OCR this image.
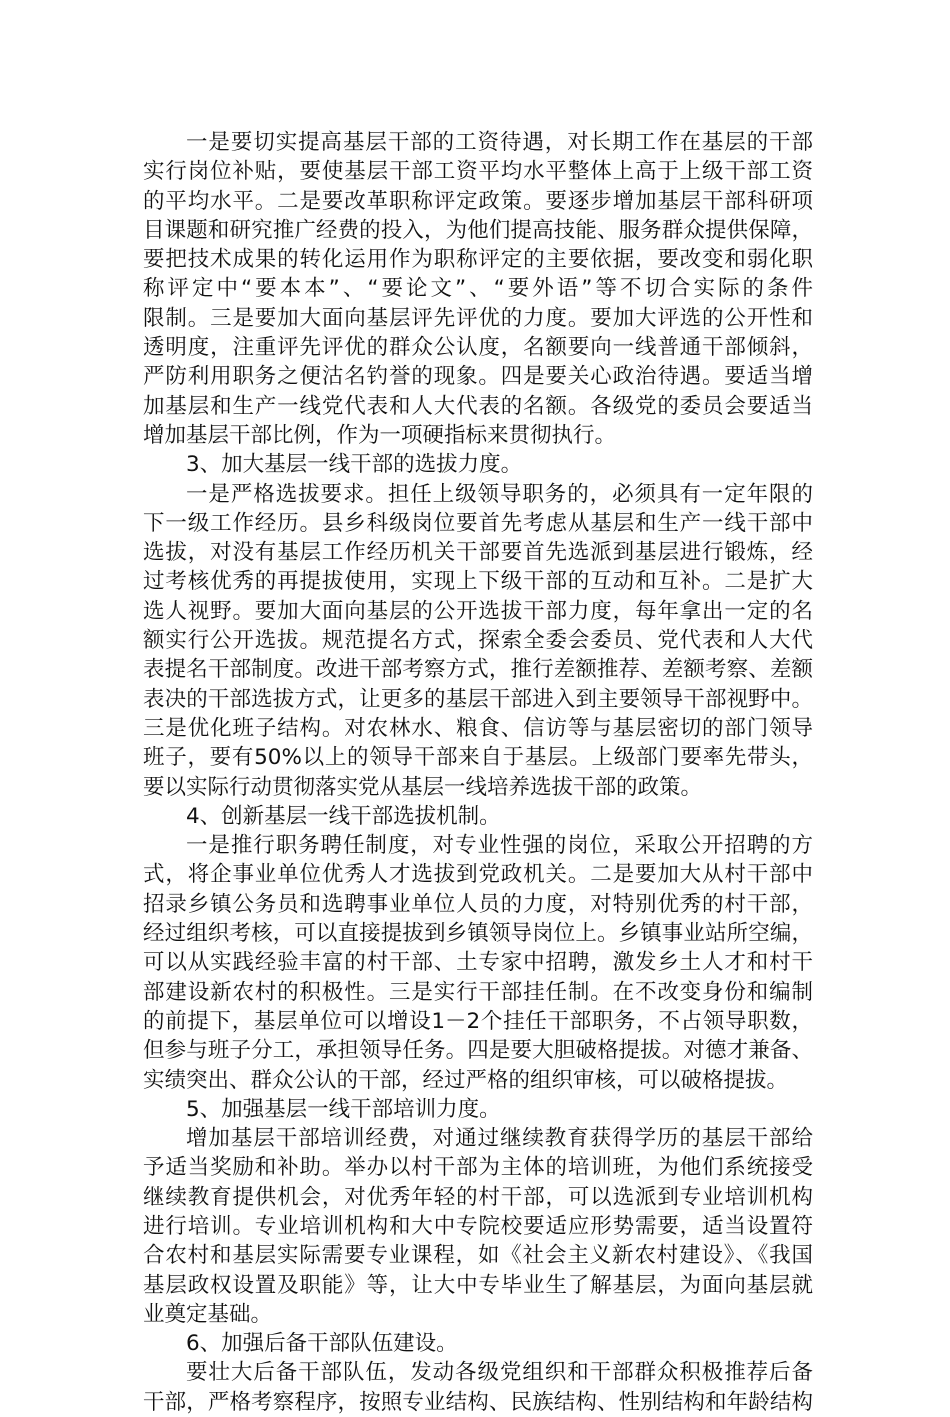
一是要切实提高基层干部的工资待遇，对长期工作在基层的干部
实行岗位补贴，要使基层干部工资平均水平整体上高于上级干部工资
的平均水平。二是要改革职称评定政策。要逐步增加基层干部科研项
目课题和研究推广经费的投入，为他们提高技能、服务群众提供保障，
要把技术成果的转化运用作为职称评定的主要依据，要改变和弱化职
称评定中“要本本”、“要论文”、“要外语”等不切合实际的条件
限制。三是要加大面向基层评先评优的力度。要加大评选的公开性和
透明度，注重评先评优的群众公认度，名额要向一线普通干部倾斜，
严防利用职务之便沽名钓誉的现象。四是要关心政治待遇。要适当增
加基层和生产一线党代表和人大代表的名额。各级党的委员会要适当
增加基层干部比例，作为一项硬指标来贯彻执行。
3、加大基层一线干部的选拔力度。
一是严格选拔要求。担任上级领导职务的，必须具有一定年限的
下一级工作经历。县乡科级岗位要首先考虑从基层和生产一线干部中
选拔，对没有基层工作经历机关干部要首先选派到基层进行锻炼，经
过考核优秀的再提拔使用，实现上下级干部的互动和互补。二是扩大
选人视野。要加大面向基层的公开选拔干部力度，每年拿出一定的名
额实行公开选拔。规范提名方式，探索全委会委员、党代表和人大代
表提名干部制度。改进干部考察方式，推行差额推荐、差额考察、差额
表决的干部选拔方式，让更多的基层干部进入到主要领导干部视野中。
三是优化班子结构。对农林水、粮食、信访等与基层密切的部门领导
班子，要有50%以上的领导干部来自于基层。上级部门要率先带头，
要以实际行动贯彻落实党从基层一线培养选拔干部的政策。
4、创新基层一线干部选拔机制。
一是推行职务聘任制度，对专业性强的岗位，采取公开招聘的方
式，将企事业单位优秀人才选拔到党政机关。二是要加大从村干部中
招录乡镇公务员和选聘事业单位人员的力度，对特别优秀的村干部，
经过组织考核，可以直接提拔到乡镇领导岗位上。乡镇事业站所空编，
可以从实践经验丰富的村干部、土专家中招聘，激发乡土人才和村干
部建设新农村的积极性。三是实行干部挂任制。在不改变身份和编制
的前提下，基层单位可以增设1－2个挂任干部职务，不占领导职数，
但参与班子分工，承担领导任务。四是要大胆破格提拔。对德才兼备、
实绩突出、群众公认的干部，经过严格的组织审核，可以破格提拔。
5、加强基层一线干部培训力度。
增加基层干部培训经费，对通过继续教育获得学历的基层干部给
予适当奖励和补助。举办以村干部为主体的培训班，为他们系统接受
继续教育提供机会，对优秀年轻的村干部，可以选派到专业培训机构
进行培训。专业培训机构和大中专院校要适应形势需要，适当设置符
合农村和基层实际需要专业课程，如《社会主义新农村建设》、《我国
基层政权设置及职能》等，让大中专毕业生了解基层，为面向基层就
业奠定基础。
6、加强后备干部队伍建设。
要壮大后备干部队伍，发动各级党组织和干部群众积极推荐后备
干部，严格考察程序，按照专业结构、民族结构、性别结构和年龄结构
